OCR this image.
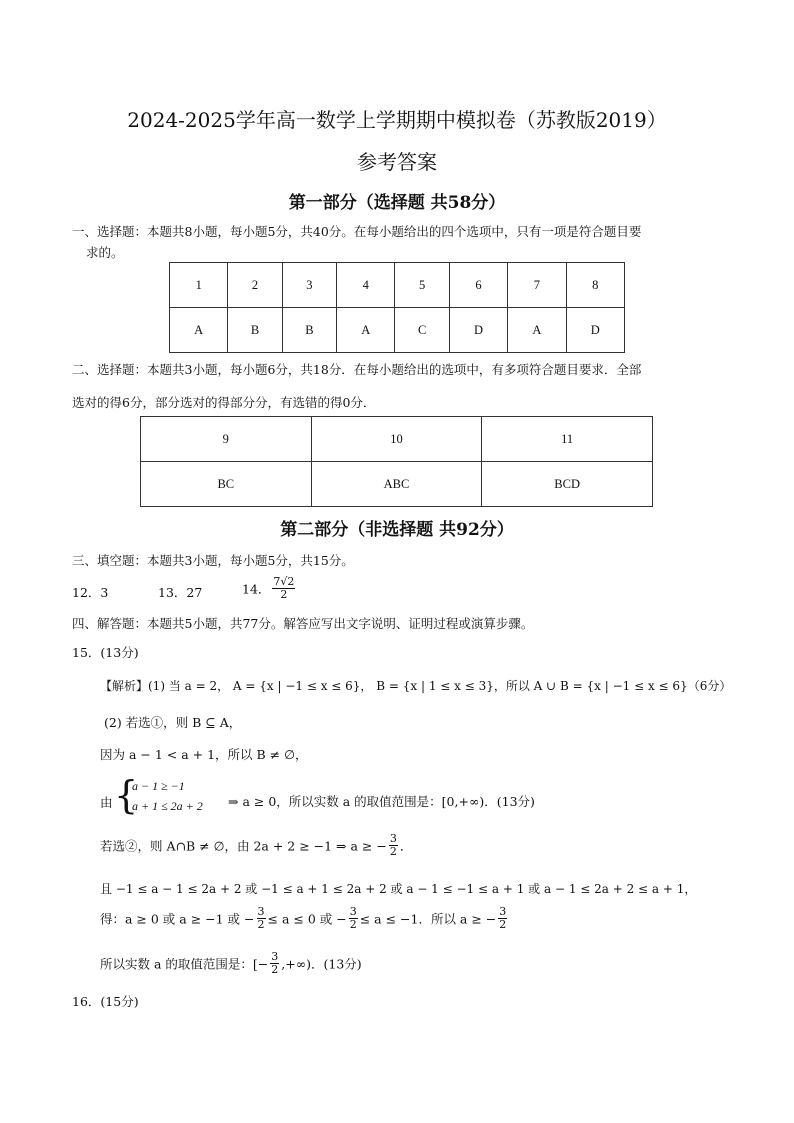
2024-2025学年高一数学上学期期中模拟卷（苏教版2019）
参考答案
第一部分（选择题 共58分）
一、选择题：本题共8小题，每小题5分，共40分。在每小题给出的四个选项中，只有一项是符合题目要
求的。
1	2	3	4	5	6	7	8
A	B	B	A	C	D	A	D
二、选择题：本题共3小题，每小题6分，共18分．在每小题给出的选项中，有多项符合题目要求．全部
选对的得6分，部分选对的得部分分，有选错的得0分．
9	10	11
BC	ABC	BCD
第二部分（非选择题 共92分）
三、填空题：本题共3小题，每小题5分，共15分。
12．3	13．27	14． $\frac{7√2}{2}$
四、解答题：本题共5小题，共77分。解答应写出文字说明、证明过程或演算步骤。
15．(13分)
【解析】(1) 当 a = 2， A = {x | −1 ≤ x ≤ 6}， B = {x | 1 ≤ x ≤ 3}，所以 A ∪ B = {x | −1 ≤ x ≤ 6}（6分）
(2) 若选①，则 B ⊆ A，
因为 a − 1 < a + 1，所以 B ≠ ∅，
由 {
a − 1 ≥ −1
a + 1 ≤ 2a + 2 ⇒ a ≥ 0，所以实数 a 的取值范围是：[0,+∞)．(13分)
若选②，则 A∩B ≠ ∅，由 2a + 2 ≥ −1 ⇒ a ≥ − $\frac{3}{2}$ ．
且 −1 ≤ a − 1 ≤ 2a + 2 或 −1 ≤ a + 1 ≤ 2a + 2 或 a − 1 ≤ −1 ≤ a + 1 或 a − 1 ≤ 2a + 2 ≤ a + 1，
得：a ≥ 0 或 a ≥ −1 或 − $\frac{3}{2} \le a \le 0$ 或 − $\frac{3}{2} \le a \le -1$．所以 a ≥ − $\frac{3}{2}$
所以实数 a 的取值范围是：[− $\frac{3}{2}$ ,+∞)．(13分)
16．(15分)
